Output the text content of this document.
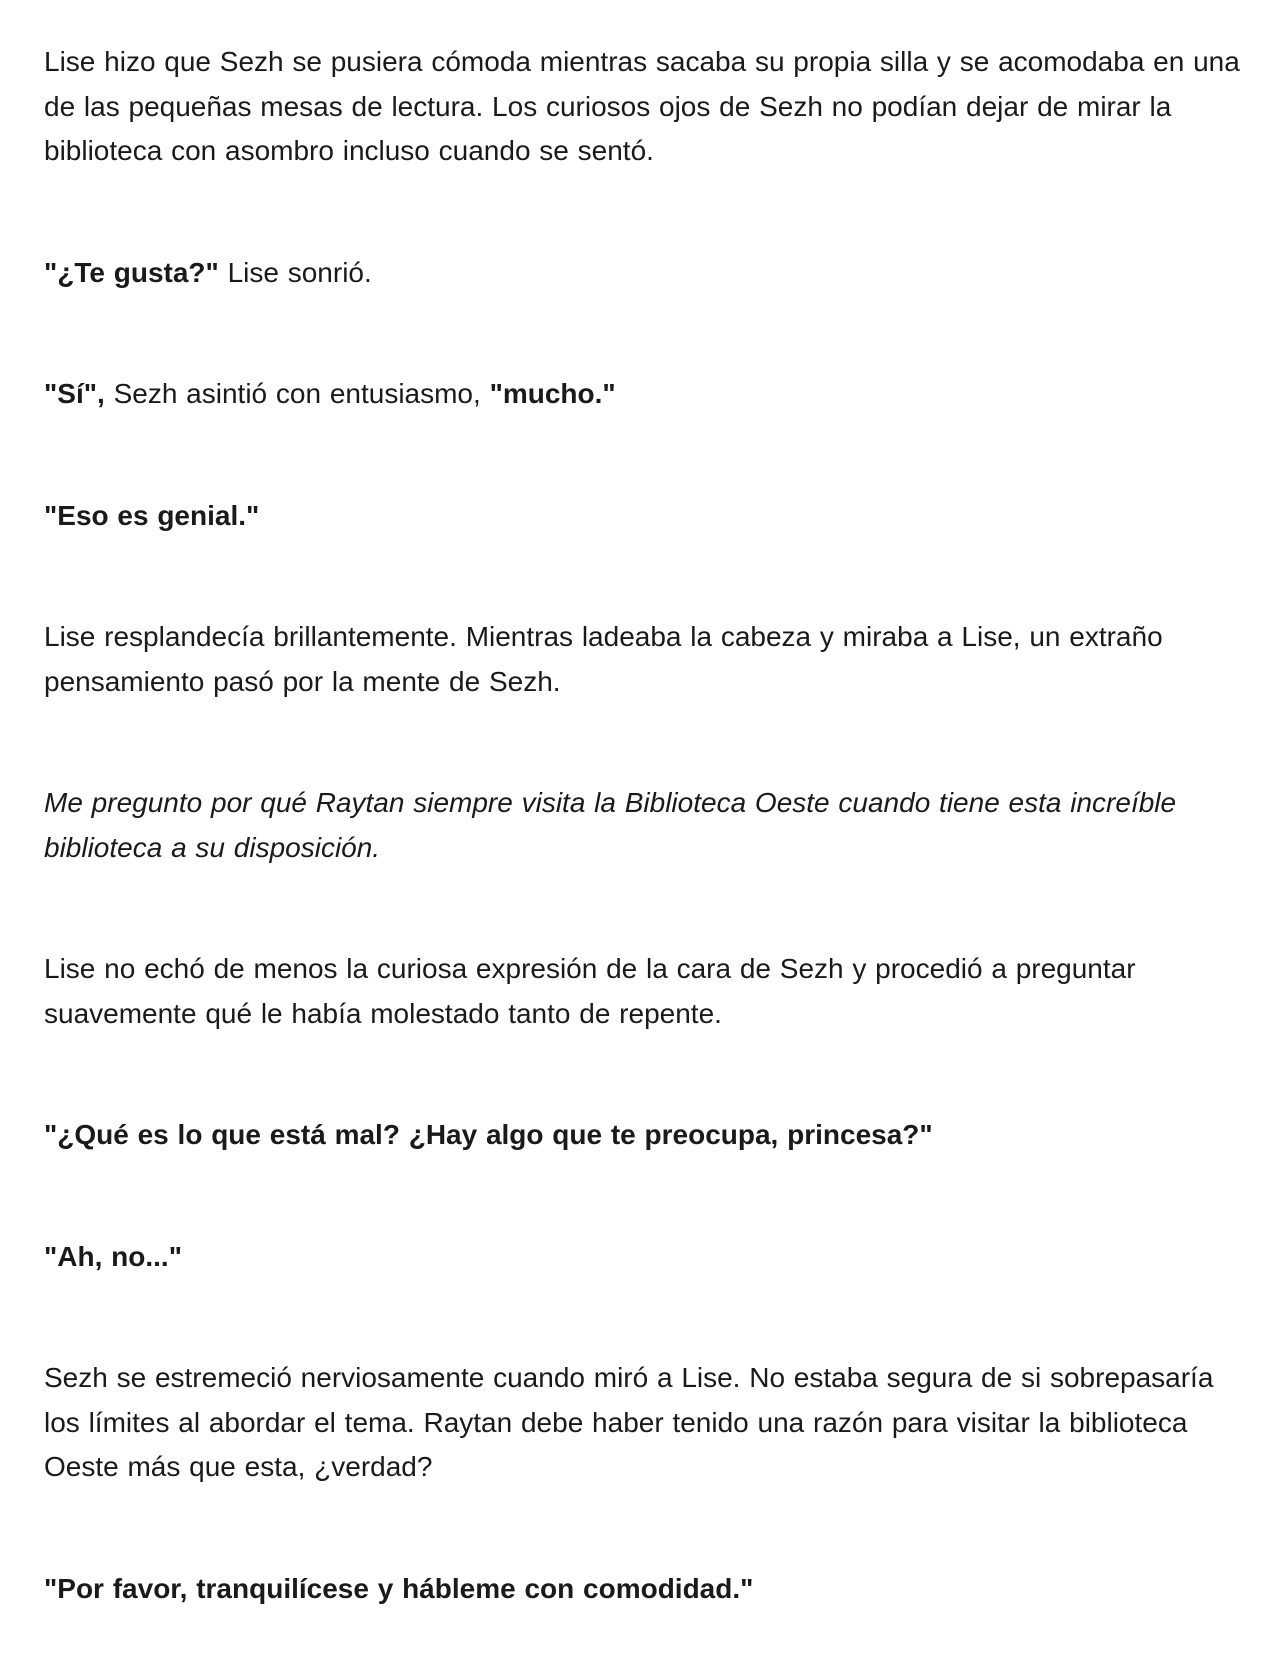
Lise hizo que Sezh se pusiera cómoda mientras sacaba su propia silla y se acomodaba en una de las pequeñas mesas de lectura. Los curiosos ojos de Sezh no podían dejar de mirar la biblioteca con asombro incluso cuando se sentó.

"¿Te gusta?" Lise sonrió.

"Sí", Sezh asintió con entusiasmo, "mucho."

"Eso es genial."

Lise resplandecía brillantemente. Mientras ladeaba la cabeza y miraba a Lise, un extraño pensamiento pasó por la mente de Sezh.

Me pregunto por qué Raytan siempre visita la Biblioteca Oeste cuando tiene esta increíble biblioteca a su disposición.

Lise no echó de menos la curiosa expresión de la cara de Sezh y procedió a preguntar suavemente qué le había molestado tanto de repente.

"¿Qué es lo que está mal? ¿Hay algo que te preocupa, princesa?"

"Ah, no..."

Sezh se estremeció nerviosamente cuando miró a Lise. No estaba segura de si sobrepasaría los límites al abordar el tema. Raytan debe haber tenido una razón para visitar la biblioteca Oeste más que esta, ¿verdad?

"Por favor, tranquilícese y hábleme con comodidad."
